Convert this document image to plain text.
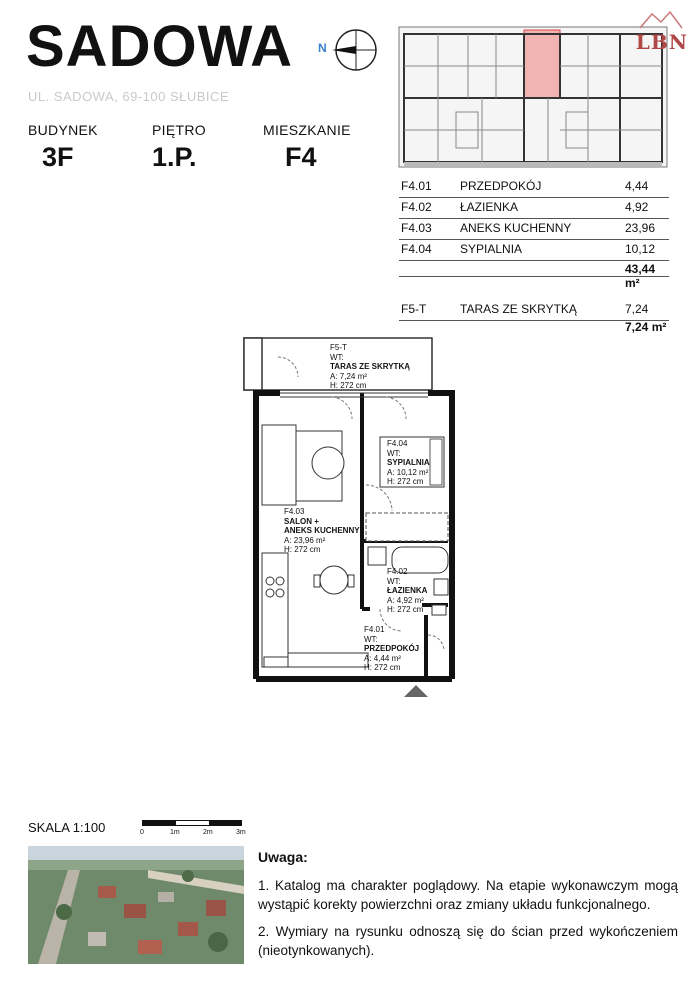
SADOWA N
UL. SADOWA, 69-100 SŁUBICE
BUDYNEK
3F
PIĘTRO
1.P.
MIESZKANIE
F4
LBN
F4.01 PRZEDPOKÓJ	4,44
F4.02 ŁAZIENKA	4,92
F4.03 ANEKS KUCHENNY	23,96
F4.04 SYPIALNIA	10,12
43,44 m²
F5-T	TARAS ZE SKRYTKĄ	7,24
7,24 m²
F5-T
WT:
TARAS ZE SKRYTKĄ
A: 7,24 m²
H: 272 cm
F4.04
WT:
SYPIALNIA
A: 10,12 m²
H: 272 cm
F4.03
SALON +
ANEKS KUCHENNY
A: 23,96 m²
H: 272 cm
F4.02
WT:
ŁAZIENKA
A: 4,92 m²
H: 272 cm
F4.01
WT:
PRZEDPOKÓJ
A: 4,44 m²
H: 272 cm
SKALA 1:100	0	1m	2m	3m
Uwaga:
1. Katalog ma charakter poglądowy. Na etapie wykonawczym mogą wystąpić korekty powierzchni oraz zmiany układu funkcjonalnego.
2. Wymiary na rysunku odnoszą się do ścian przed wykończeniem (nieotynkowanych).
